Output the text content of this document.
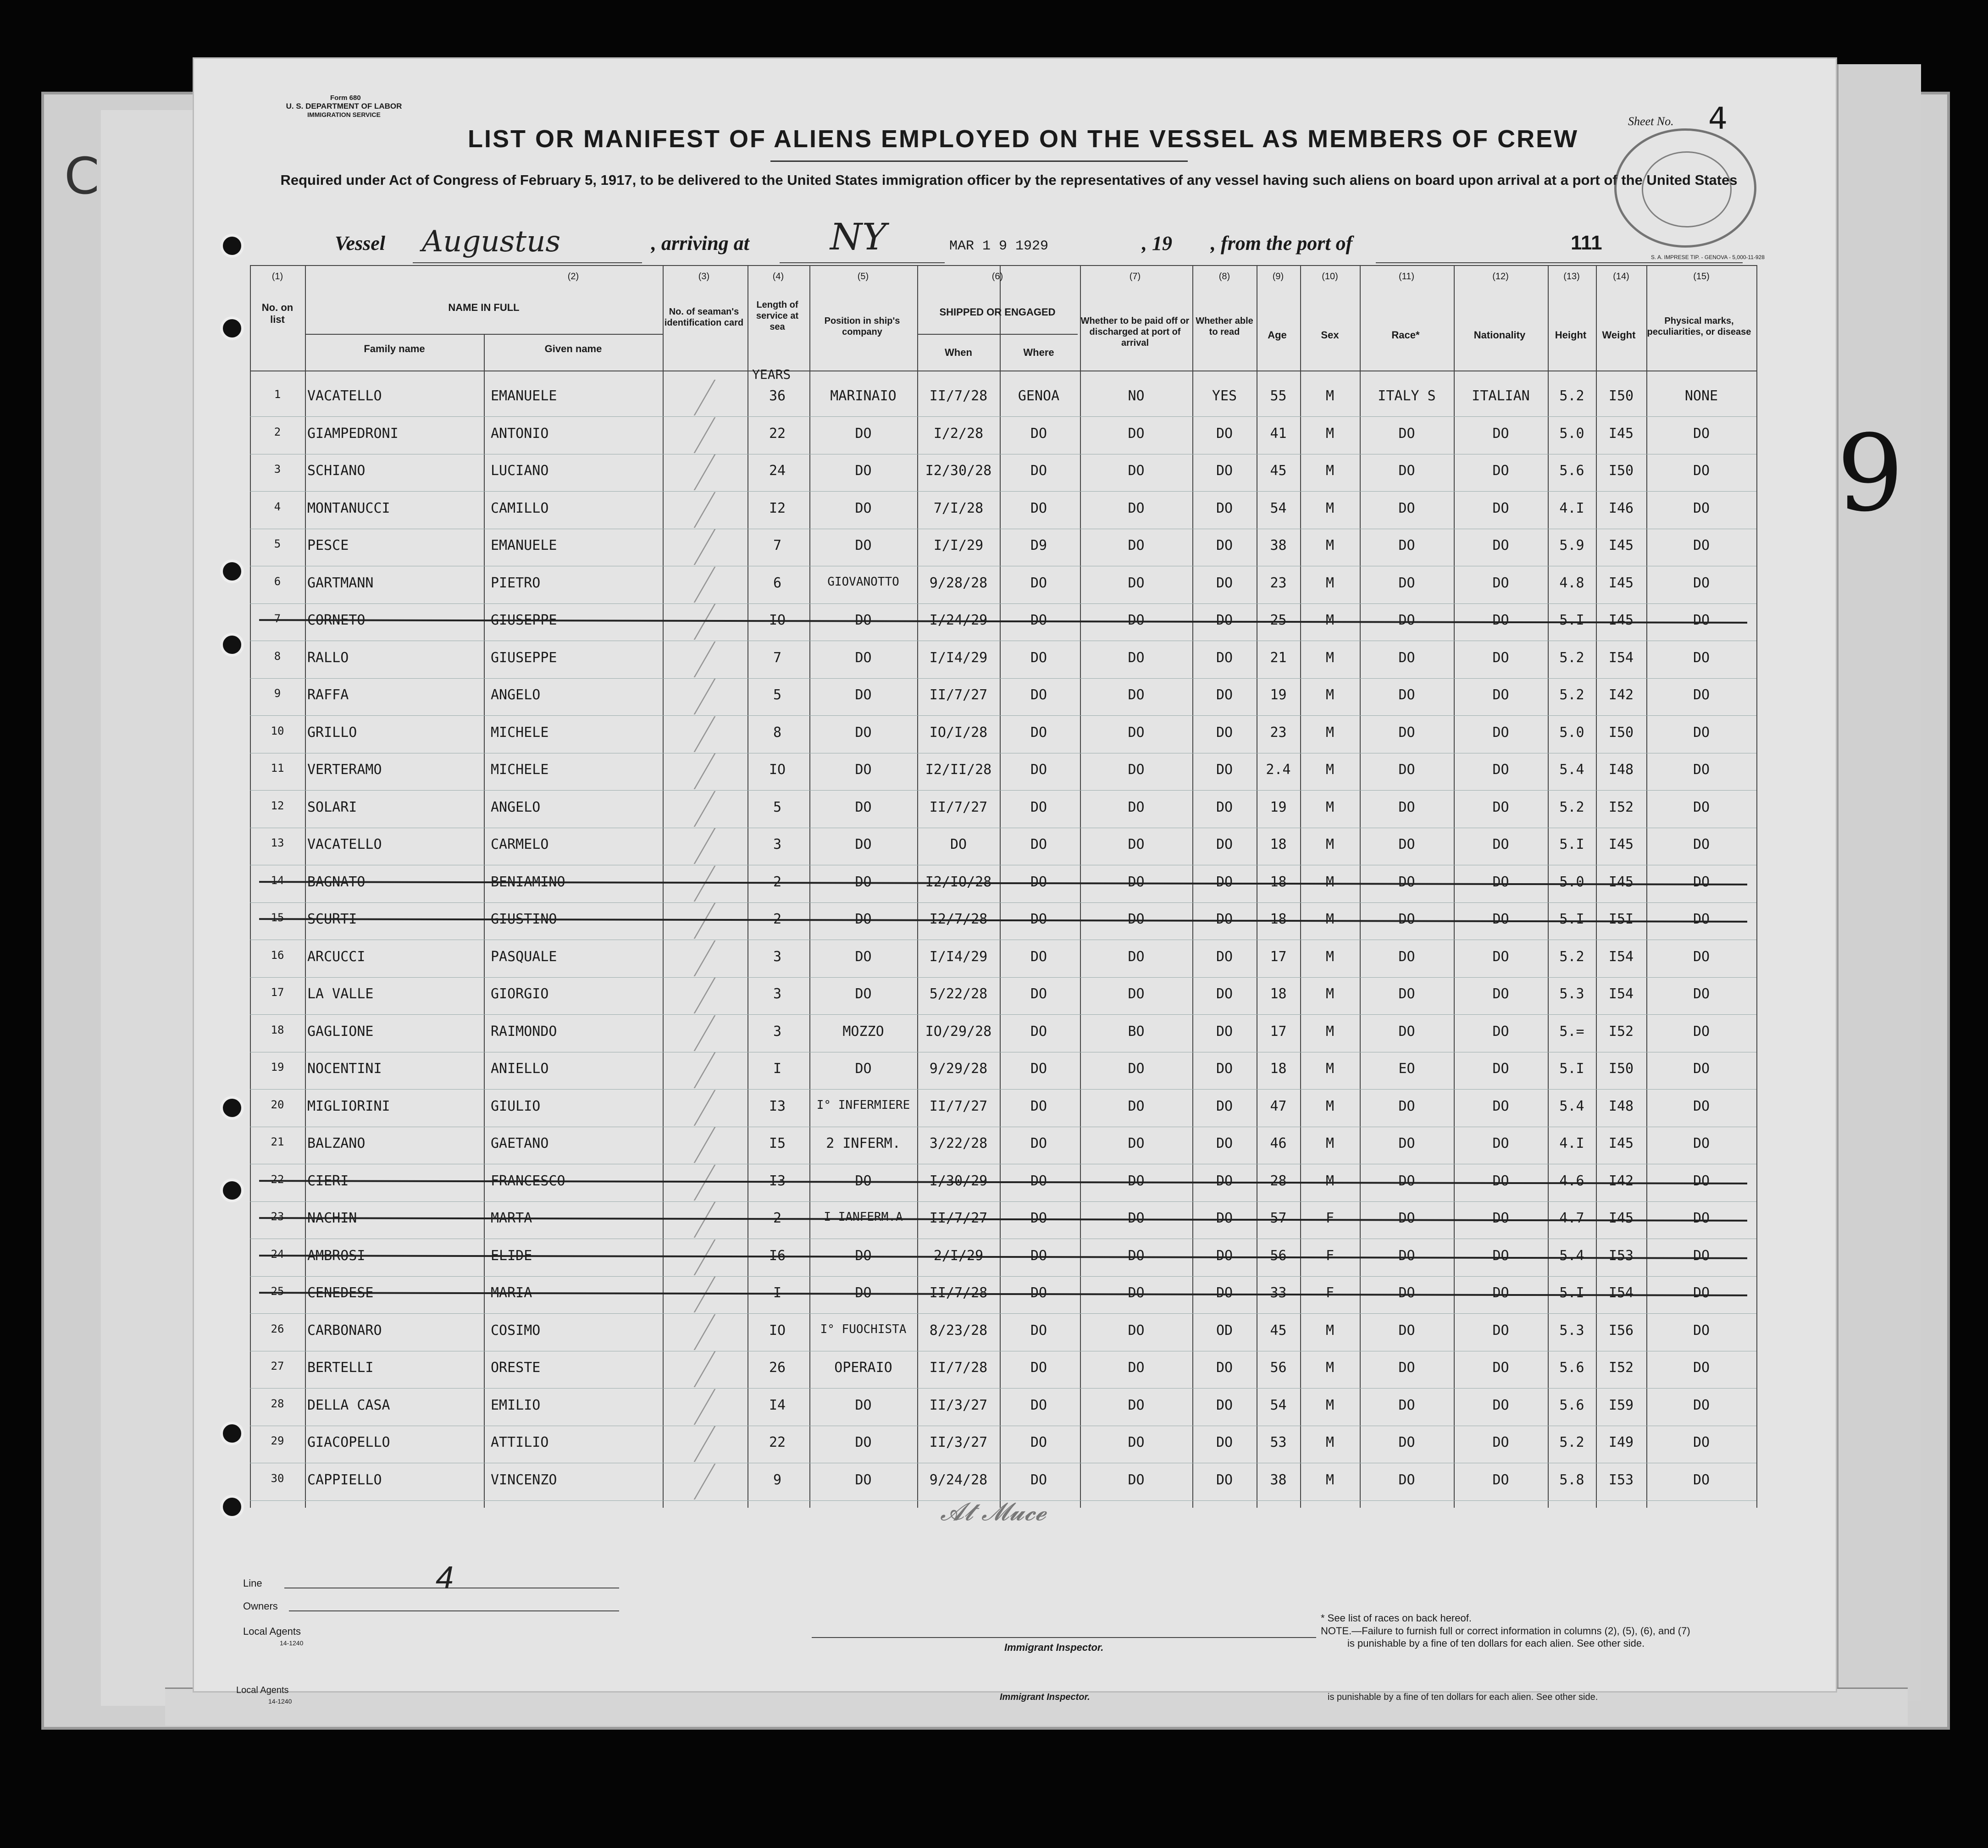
C
9
Form 680
U. S. DEPARTMENT OF LABOR
IMMIGRATION SERVICE
LIST OR MANIFEST OF ALIENS EMPLOYED ON THE VESSEL AS MEMBERS OF CREW
Sheet No. 4
Required under Act of Congress of February 5, 1917, to be delivered to the United States immigration officer by the representatives of any vessel having such aliens on board upon arrival at a port of the United States
Vessel Augustus	, arriving at NY	MAR 1 9 1929	, 19 , from the port of	111
S. A. IMPRESE TIP. - GENOVA - 5,000-11-928
(1)	(2)	(3)	(4)	(5)	(6)	(7)	(8)	(9)	(10)	(11)	(12)	(13)	(14)	(15)
No. on list
NAME IN FULL
Family name	Given name
No. of seaman's identification card
Length of service at sea
Position in ship's company
SHIPPED OR ENGAGED
When	Where
Whether to be paid off or discharged at port of arrival
Whether able to read	Age	Sex	Race*	Nationality	Height	Weight
Physical marks, peculiarities, or disease
YEARS
1	VACATELLO	EMANUELE	36	MARINAIO	II/7/28	GENOA	NO	YES	55	M	ITALY S	ITALIAN	5.2	I50	NONE
2	GIAMPEDRONI	ANTONIO	22	DO	I/2/28	DO	DO	DO	41	M	DO	DO	5.0	I45	DO
3	SCHIANO	LUCIANO	24	DO	I2/30/28	DO	DO	DO	45	M	DO	DO	5.6	I50	DO
4	MONTANUCCI	CAMILLO	I2	DO	7/I/28	DO	DO	DO	54	M	DO	DO	4.I	I46	DO
5	PESCE	EMANUELE	7	DO	I/I/29	D9	DO	DO	38	M	DO	DO	5.9	I45	DO
6	GARTMANN	PIETRO	6	GIOVANOTTO	9/28/28	DO	DO	DO	23	M	DO	DO	4.8	I45	DO
7	CORNETO	GIUSEPPE	IO	DO	I/24/29	DO	DO	DO	25	M	DO	DO	5.I	I45	DO
8	RALLO	GIUSEPPE	7	DO	I/I4/29	DO	DO	DO	21	M	DO	DO	5.2	I54	DO
9	RAFFA	ANGELO	5	DO	II/7/27	DO	DO	DO	19	M	DO	DO	5.2	I42	DO
10	GRILLO	MICHELE	8	DO	IO/I/28	DO	DO	DO	23	M	DO	DO	5.0	I50	DO
11	VERTERAMO	MICHELE	IO	DO	I2/II/28	DO	DO	DO	2.4	M	DO	DO	5.4	I48	DO
12	SOLARI	ANGELO	5	DO	II/7/27	DO	DO	DO	19	M	DO	DO	5.2	I52	DO
13	VACATELLO	CARMELO	3	DO	DO	DO	DO	DO	18	M	DO	DO	5.I	I45	DO
14	BAGNATO	BENIAMINO	2	DO	I2/IO/28	DO	DO	DO	18	M	DO	DO	5.0	I45	DO
15	SCURTI	GIUSTINO	2	DO	I2/7/28	DO	DO	DO	18	M	DO	DO	5.I	I5I	DO
16	ARCUCCI	PASQUALE	3	DO	I/I4/29	DO	DO	DO	17	M	DO	DO	5.2	I54	DO
17	LA VALLE	GIORGIO	3	DO	5/22/28	DO	DO	DO	18	M	DO	DO	5.3	I54	DO
18	GAGLIONE	RAIMONDO	3	MOZZO	IO/29/28	DO	BO	DO	17	M	DO	DO	5.=	I52	DO
19	NOCENTINI	ANIELLO	I	DO	9/29/28	DO	DO	DO	18	M	EO	DO	5.I	I50	DO
20	MIGLIORINI	GIULIO	I3	I° INFERMIERE	II/7/27	DO	DO	DO	47	M	DO	DO	5.4	I48	DO
21	BALZANO	GAETANO	I5	2 INFERM.	3/22/28	DO	DO	DO	46	M	DO	DO	4.I	I45	DO
22	CIERI	FRANCESCO	I3	DO	I/30/29	DO	DO	DO	28	M	DO	DO	4.6	I42	DO
23	NACHIN	MARTA	2	I IANFERM.A	II/7/27	DO	DO	DO	57	F	DO	DO	4.7	I45	DO
24	AMBROSI	ELIDE	I6	DO	2/I/29	DO	DO	DO	56	F	DO	DO	5.4	I53	DO
25	CENEDESE	MARIA	I	DO	II/7/28	DO	DO	DO	33	F	DO	DO	5.I	I54	DO
26	CARBONARO	COSIMO	IO	I° FUOCHISTA	8/23/28	DO	DO	OD	45	M	DO	DO	5.3	I56	DO
27	BERTELLI	ORESTE	26	OPERAIO	II/7/28	DO	DO	DO	56	M	DO	DO	5.6	I52	DO
28	DELLA CASA	EMILIO	I4	DO	II/3/27	DO	DO	DO	54	M	DO	DO	5.6	I59	DO
29	GIACOPELLO	ATTILIO	22	DO	II/3/27	DO	DO	DO	53	M	DO	DO	5.2	I49	DO
30	CAPPIELLO	VINCENZO	9	DO	9/24/28	DO	DO	DO	38	M	DO	DO	5.8	I53	DO
𝓐𝓽 𝓜𝓾𝓬𝓮
Line	4
Owners
Local Agents
14-1240	Immigrant Inspector.
* See list of races on back hereof.
NOTE.—Failure to furnish full or correct information in columns (2), (5), (6), and (7)
is punishable by a fine of ten dollars for each alien. See other side.
Local Agents
14-1240	Immigrant Inspector.	is punishable by a fine of ten dollars for each alien. See other side.
